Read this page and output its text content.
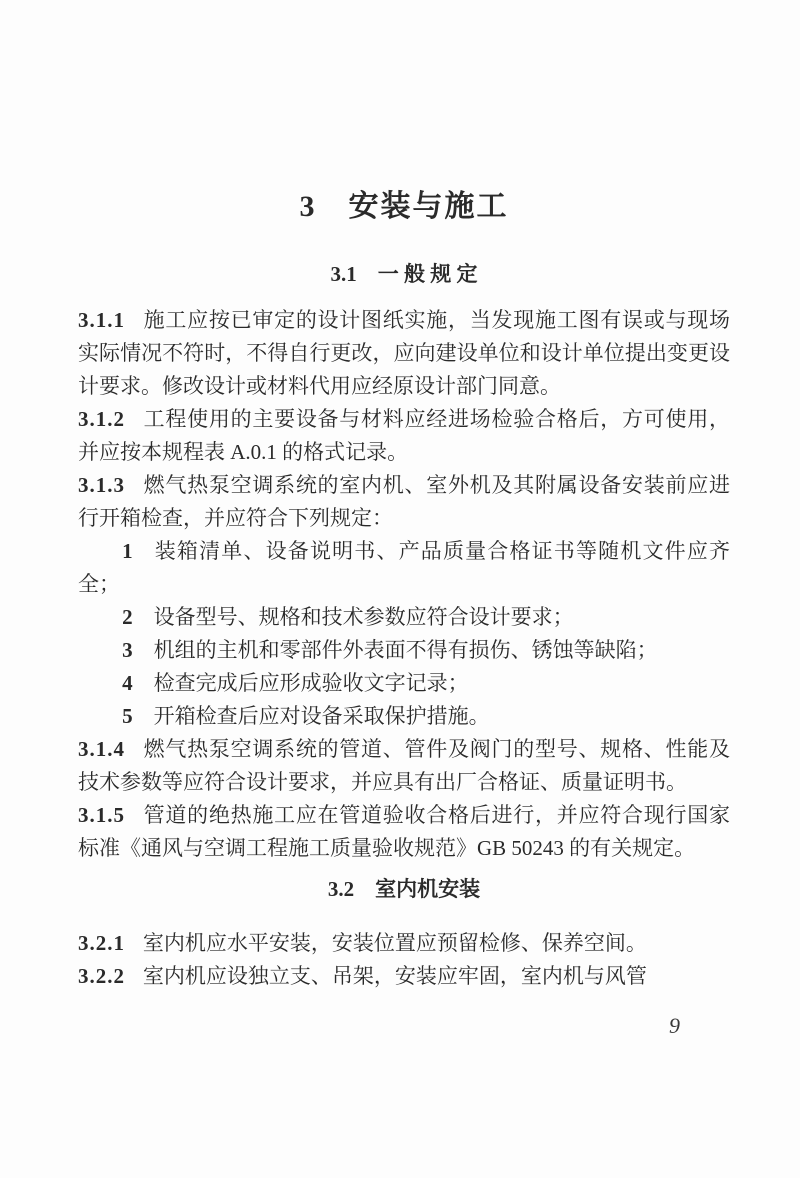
3　安装与施工
3.1　一 般 规 定

3.1.1 施工应按已审定的设计图纸实施，当发现施工图有误或与现场实际情况不符时，不得自行更改，应向建设单位和设计单位提出变更设计要求。修改设计或材料代用应经原设计部门同意。

3.1.2 工程使用的主要设备与材料应经进场检验合格后，方可使用，并应按本规程表 A.0.1 的格式记录。

3.1.3 燃气热泵空调系统的室内机、室外机及其附属设备安装前应进行开箱检查，并应符合下列规定：

1 装箱清单、设备说明书、产品质量合格证书等随机文件应齐全；

2 设备型号、规格和技术参数应符合设计要求；

3 机组的主机和零部件外表面不得有损伤、锈蚀等缺陷；

4 检查完成后应形成验收文字记录；

5 开箱检查后应对设备采取保护措施。

3.1.4 燃气热泵空调系统的管道、管件及阀门的型号、规格、性能及技术参数等应符合设计要求，并应具有出厂合格证、质量证明书。

3.1.5 管道的绝热施工应在管道验收合格后进行，并应符合现行国家标准《通风与空调工程施工质量验收规范》GB 50243 的有关规定。

3.2　室内机安装

3.2.1 室内机应水平安装，安装位置应预留检修、保养空间。

3.2.2 室内机应设独立支、吊架，安装应牢固，室内机与风管

9
